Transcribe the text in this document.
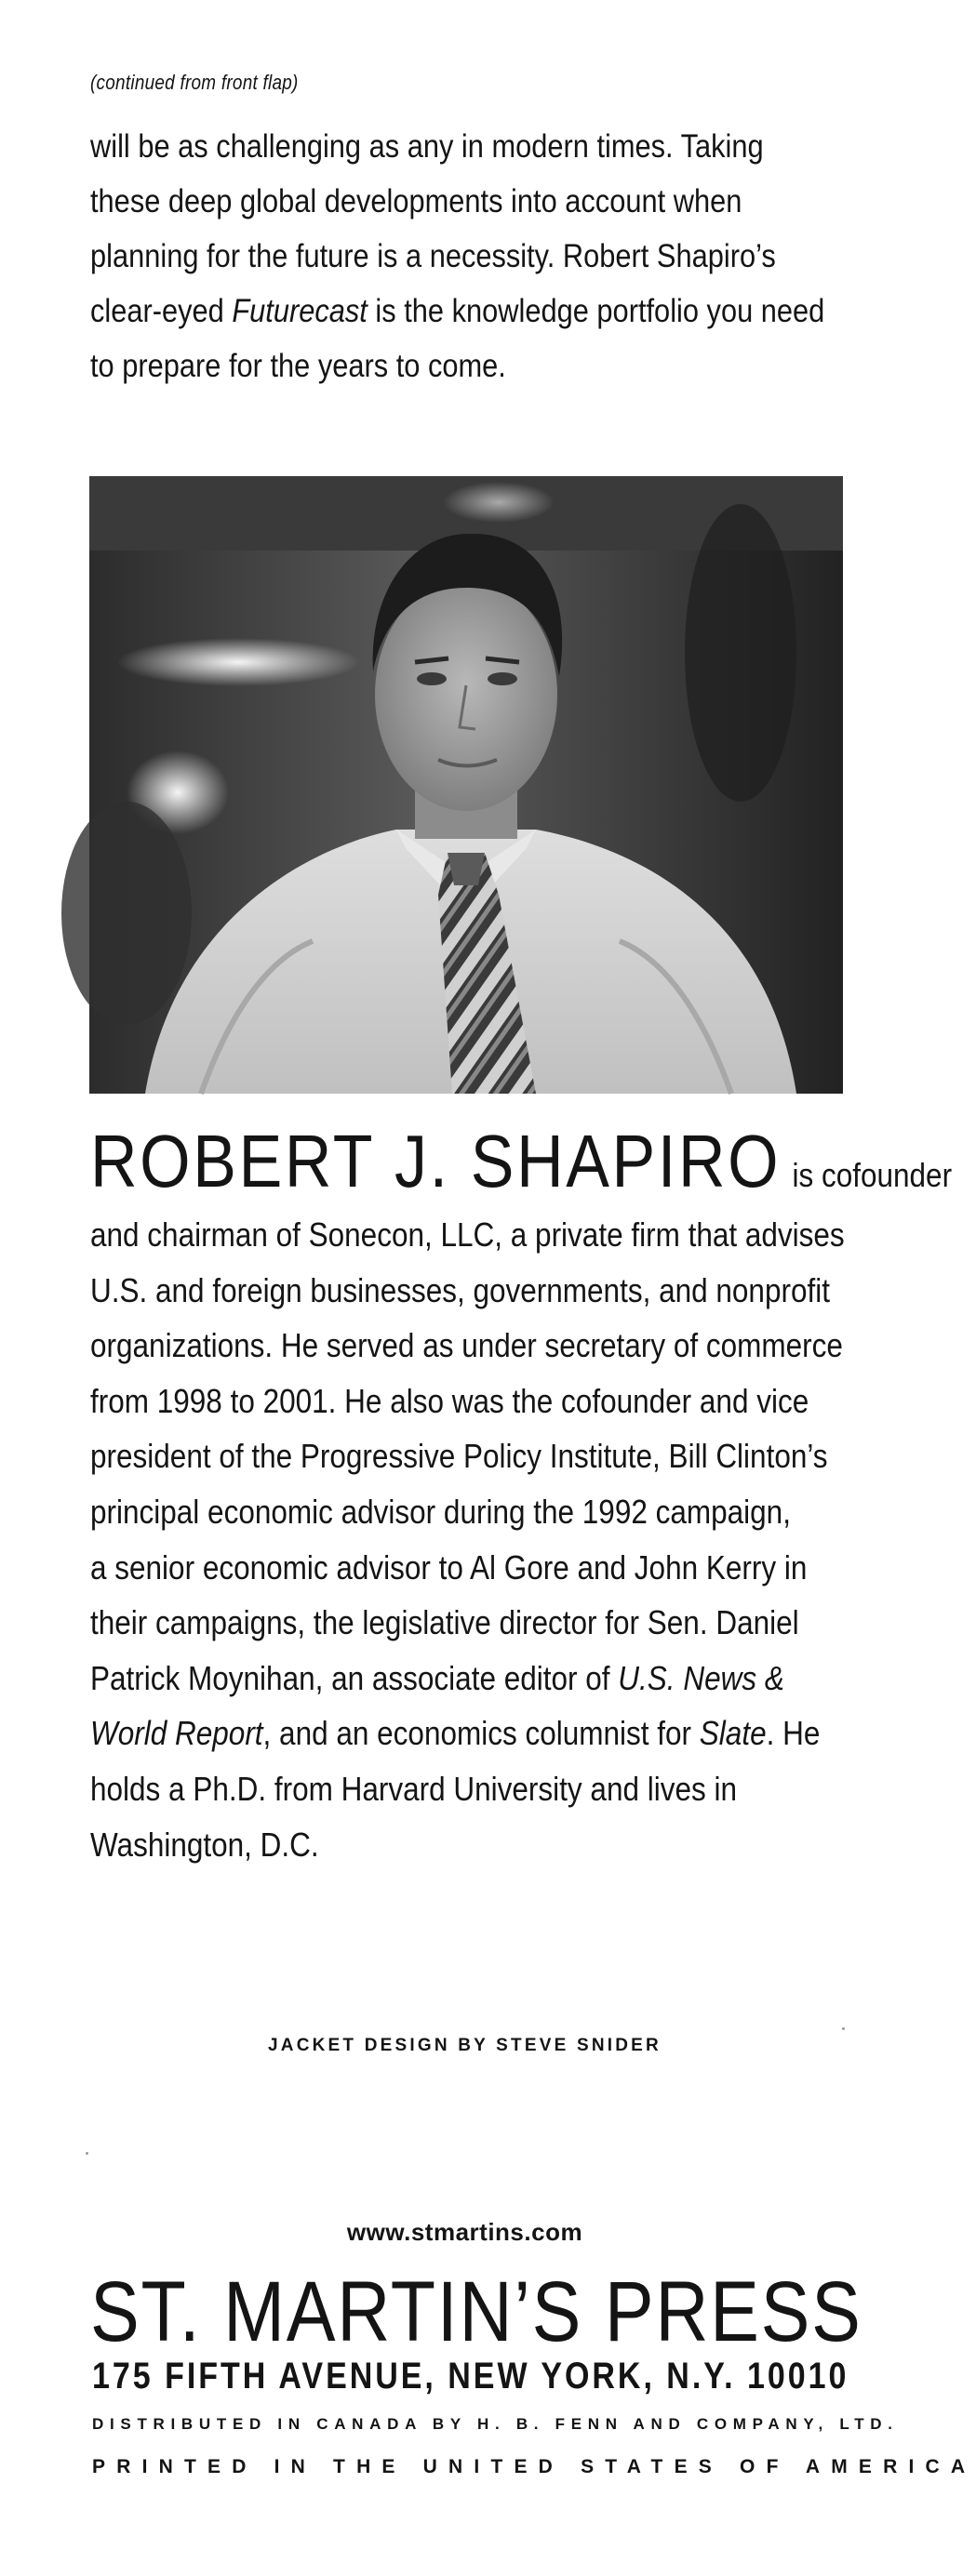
(continued from front flap)

will be as challenging as any in modern times. Taking

these deep global developments into account when

planning for the future is a necessity. Robert Shapiro’s

clear-eyed Futurecast is the knowledge portfolio you need

to prepare for the years to come.

ROBERT J. SHAPIRO is cofounder

and chairman of Sonecon, LLC, a private firm that advises

U.S. and foreign businesses, governments, and nonprofit

organizations. He served as under secretary of commerce

from 1998 to 2001. He also was the cofounder and vice

president of the Progressive Policy Institute, Bill Clinton’s

principal economic advisor during the 1992 campaign,

a senior economic advisor to Al Gore and John Kerry in

their campaigns, the legislative director for Sen. Daniel

Patrick Moynihan, an associate editor of U.S. News &

World Report, and an economics columnist for Slate. He

holds a Ph.D. from Harvard University and lives in

Washington, D.C.

JACKET DESIGN BY STEVE SNIDER
www.stmartins.com
ST. MARTIN’S PRESS
175 FIFTH AVENUE, NEW YORK, N.Y. 10010
DISTRIBUTED IN CANADA BY H. B. FENN AND COMPANY, LTD.
PRINTED IN THE UNITED STATES OF AMERICA
